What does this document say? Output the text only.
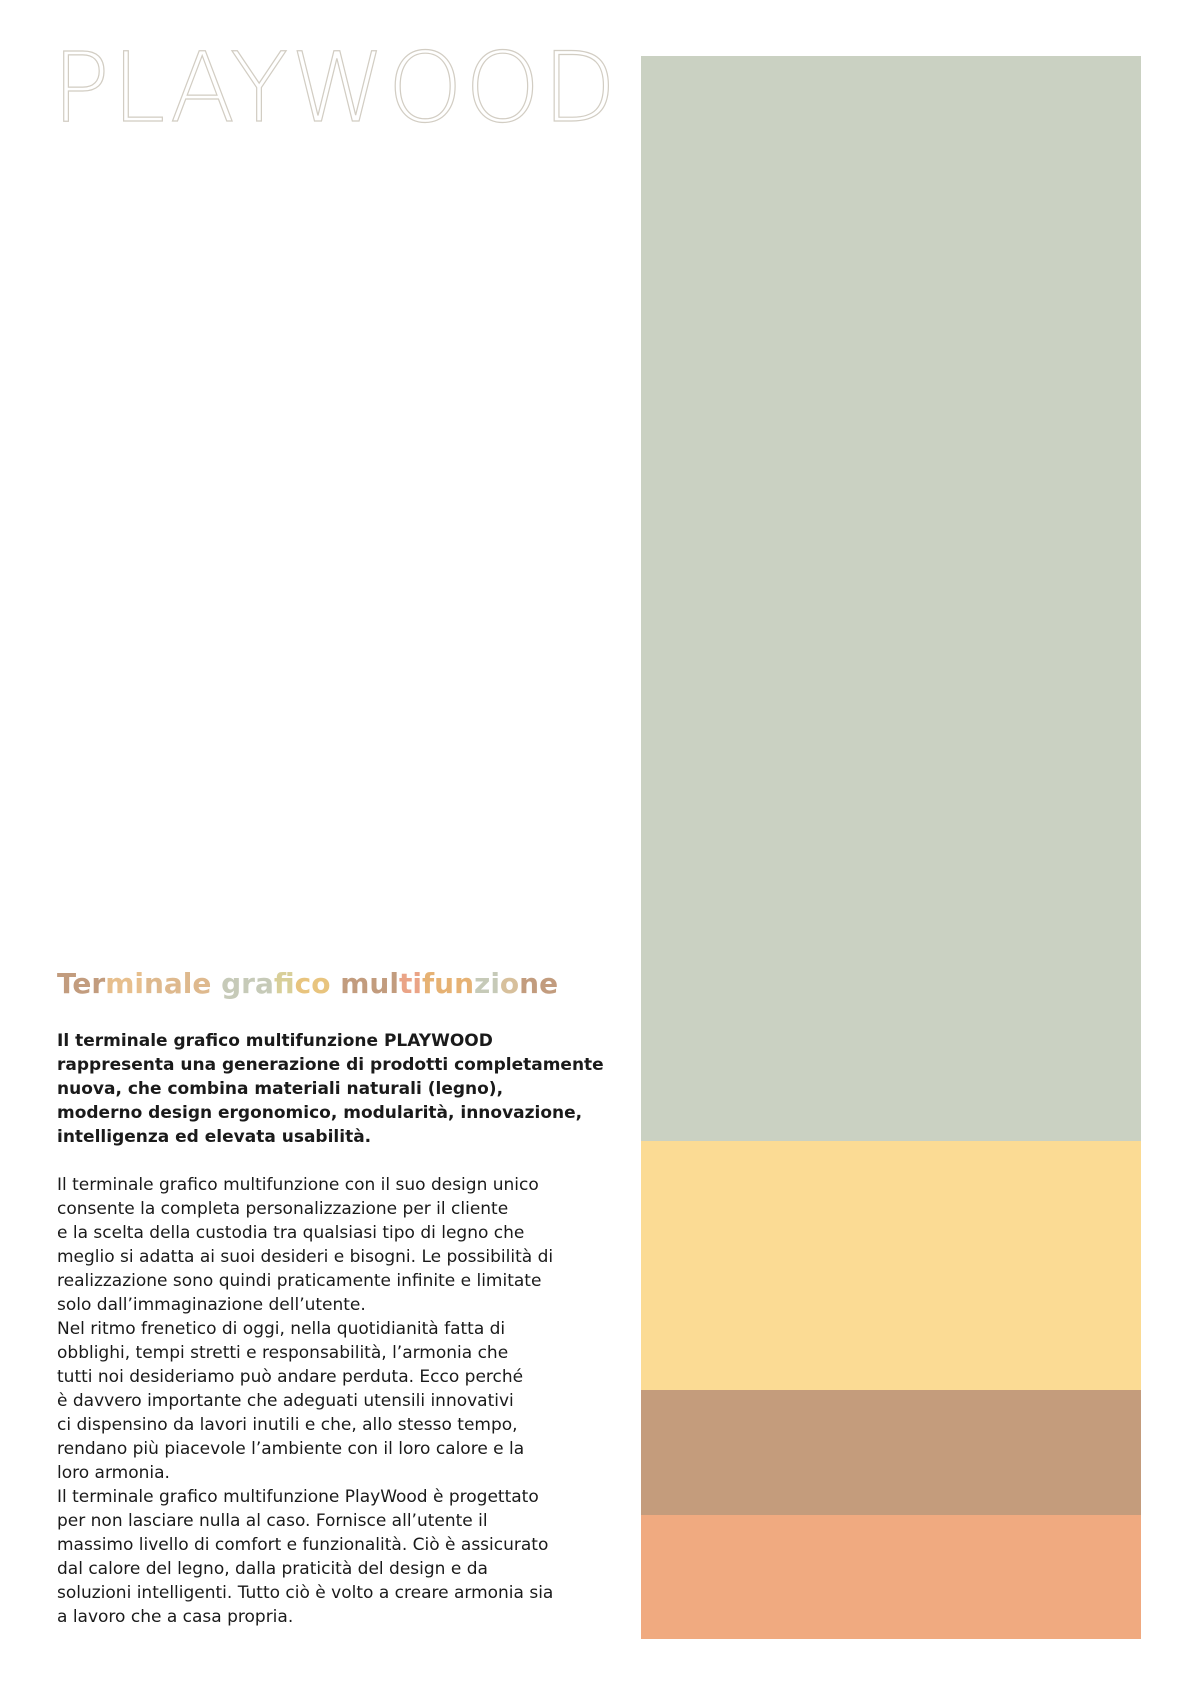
PLAYWOOD
Terminale grafico multifunzione
Il terminale grafico multifunzione PLAYWOOD
rappresenta una generazione di prodotti completamente
nuova, che combina materiali naturali (legno),
moderno design ergonomico, modularità, innovazione,
intelligenza ed elevata usabilità.
Il terminale grafico multifunzione con il suo design unico
consente la completa personalizzazione per il cliente
e la scelta della custodia tra qualsiasi tipo di legno che
meglio si adatta ai suoi desideri e bisogni. Le possibilità di
realizzazione sono quindi praticamente infinite e limitate
solo dall’immaginazione dell’utente.
Nel ritmo frenetico di oggi, nella quotidianità fatta di
obblighi, tempi stretti e responsabilità, l’armonia che
tutti noi desideriamo può andare perduta. Ecco perché
è davvero importante che adeguati utensili innovativi
ci dispensino da lavori inutili e che, allo stesso tempo,
rendano più piacevole l’ambiente con il loro calore e la
loro armonia.
Il terminale grafico multifunzione PlayWood è progettato
per non lasciare nulla al caso. Fornisce all’utente il
massimo livello di comfort e funzionalità. Ciò è assicurato
dal calore del legno, dalla praticità del design e da
soluzioni intelligenti. Tutto ciò è volto a creare armonia sia
a lavoro che a casa propria.
